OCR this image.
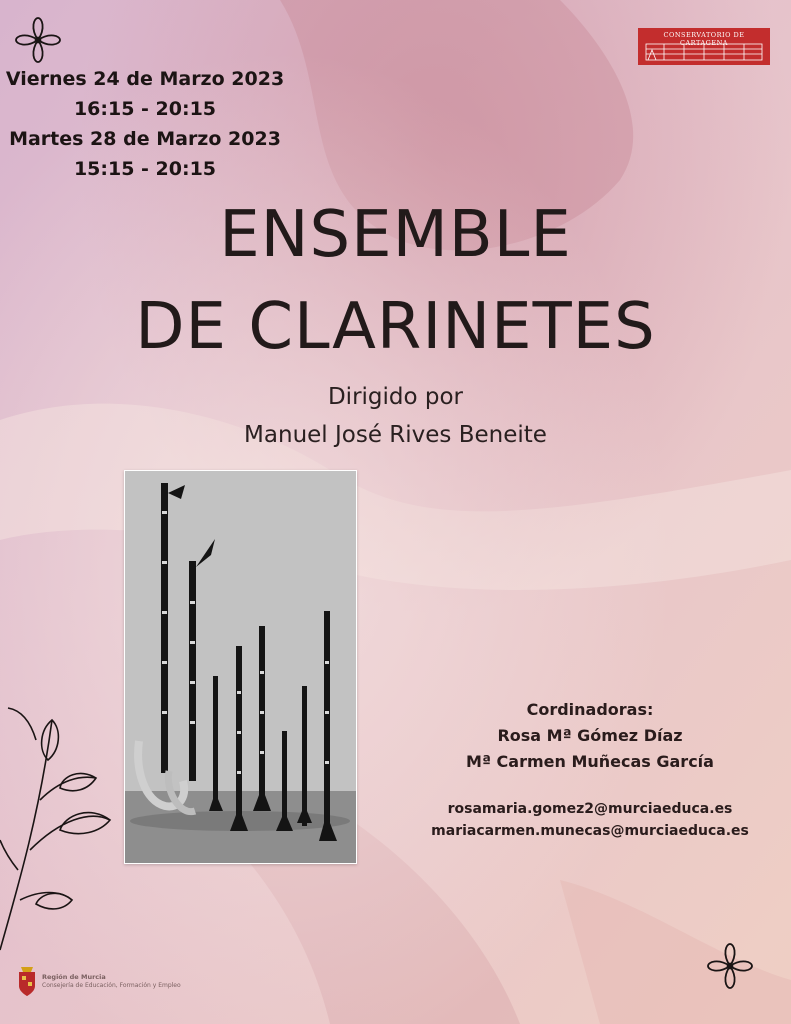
CONSERVATORIO DE CARTAGENA
Viernes 24 de Marzo 2023
16:15 - 20:15
Martes 28 de Marzo 2023
15:15 - 20:15
ENSEMBLE
DE CLARINETES
Dirigido por
Manuel José Rives Beneite
Cordinadoras:
Rosa Mª Gómez Díaz
Mª Carmen Muñecas García
rosamaria.gomez2@murciaeduca.es
mariacarmen.munecas@murciaeduca.es
Región de Murcia
Consejería de Educación, Formación y Empleo
